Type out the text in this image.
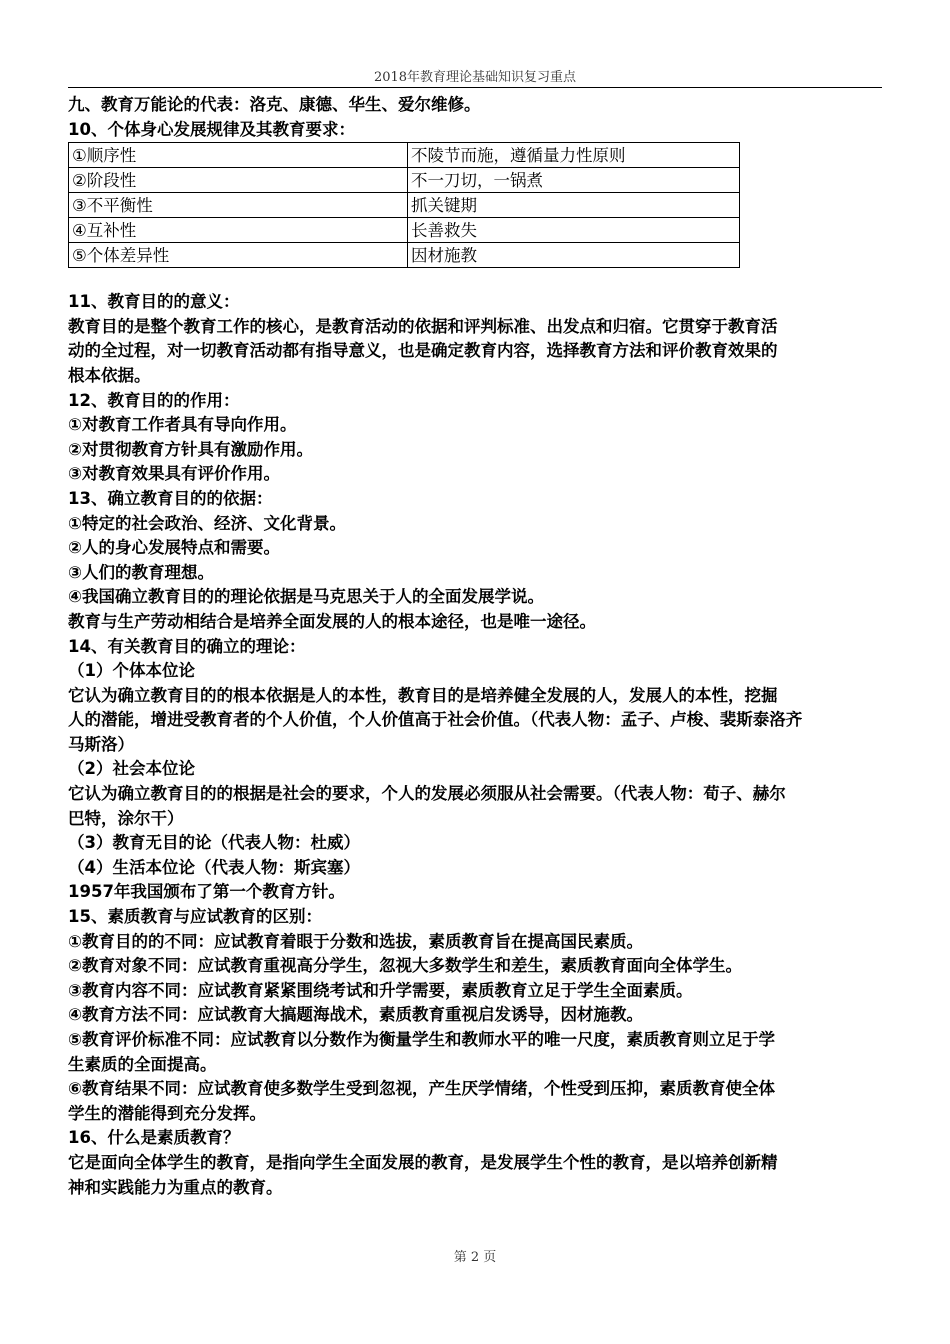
2018年教育理论基础知识复习重点

九、教育万能论的代表：洛克、康德、华生、爱尔维修。

10、个体身心发展规律及其教育要求：

①顺序性	不陵节而施，遵循量力性原则
②阶段性	不一刀切，一锅煮
③不平衡性	抓关键期
④互补性	长善救失
⑤个体差异性	因材施教

11、教育目的的意义：

教育目的是整个教育工作的核心，是教育活动的依据和评判标准、出发点和归宿。它贯穿于教育活

动的全过程，对一切教育活动都有指导意义，也是确定教育内容，选择教育方法和评价教育效果的

根本依据。

12、教育目的的作用：

①对教育工作者具有导向作用。

②对贯彻教育方针具有激励作用。

③对教育效果具有评价作用。

13、确立教育目的的依据：

①特定的社会政治、经济、文化背景。

②人的身心发展特点和需要。

③人们的教育理想。

④我国确立教育目的的理论依据是马克思关于人的全面发展学说。

教育与生产劳动相结合是培养全面发展的人的根本途径，也是唯一途径。

14、有关教育目的确立的理论：

（1）个体本位论

它认为确立教育目的的根本依据是人的本性，教育目的是培养健全发展的人，发展人的本性，挖掘

人的潜能，增进受教育者的个人价值，个人价值高于社会价值。（代表人物：孟子、卢梭、裴斯泰洛齐

马斯洛）

（2）社会本位论

它认为确立教育目的的根据是社会的要求，个人的发展必须服从社会需要。（代表人物：荀子、赫尔

巴特，涂尔干）

（3）教育无目的论（代表人物：杜威）

（4）生活本位论（代表人物：斯宾塞）

1957年我国颁布了第一个教育方针。

15、素质教育与应试教育的区别：

①教育目的的不同：应试教育着眼于分数和选拔，素质教育旨在提高国民素质。

②教育对象不同：应试教育重视高分学生，忽视大多数学生和差生，素质教育面向全体学生。

③教育内容不同：应试教育紧紧围绕考试和升学需要，素质教育立足于学生全面素质。

④教育方法不同：应试教育大搞题海战术，素质教育重视启发诱导，因材施教。

⑤教育评价标准不同：应试教育以分数作为衡量学生和教师水平的唯一尺度，素质教育则立足于学

生素质的全面提高。

⑥教育结果不同：应试教育使多数学生受到忽视，产生厌学情绪，个性受到压抑，素质教育使全体

学生的潜能得到充分发挥。

16、什么是素质教育？

它是面向全体学生的教育，是指向学生全面发展的教育，是发展学生个性的教育，是以培养创新精

神和实践能力为重点的教育。

第 2 页
